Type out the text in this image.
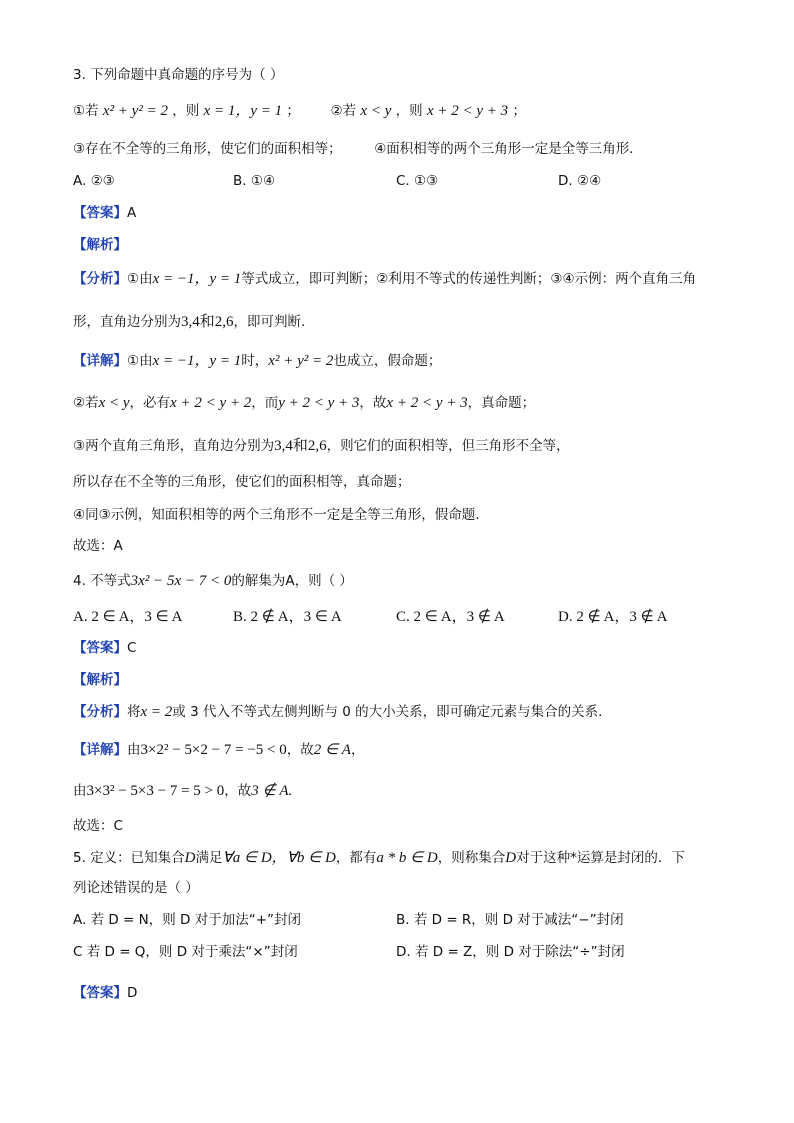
3. 下列命题中真命题的序号为（ ）
①若 x² + y² = 2 ，则 x = 1，y = 1 ； ②若 x < y ，则 x + 2 < y + 3 ；
③存在不全等的三角形，使它们的面积相等； ④面积相等的两个三角形一定是全等三角形．
A. ②③	B. ①④	C. ①③	D. ②④
【答案】A
【解析】
【分析】①由x = −1，y = 1等式成立，即可判断；②利用不等式的传递性判断；③④示例：两个直角三角
形，直角边分别为3,4和2,6，即可判断.
【详解】①由x = −1，y = 1时，x² + y² = 2也成立，假命题；
②若x < y，必有x + 2 < y + 2，而y + 2 < y + 3，故x + 2 < y + 3，真命题；
③两个直角三角形，直角边分别为3,4和2,6，则它们的面积相等，但三角形不全等，
所以存在不全等的三角形，使它们的面积相等，真命题；
④同③示例，知面积相等的两个三角形不一定是全等三角形，假命题.
故选：A
4. 不等式3x² − 5x − 7 < 0的解集为A，则（ ）
A. 2 ∈ A，3 ∈ A	B. 2 ∉ A，3 ∈ A	C. 2 ∈ A，3 ∉ A	D. 2 ∉ A，3 ∉ A
【答案】C
【解析】
【分析】将x = 2或 3 代入不等式左侧判断与 0 的大小关系，即可确定元素与集合的关系.
【详解】由3×2² − 5×2 − 7 = −5 < 0，故2 ∈ A，
由3×3² − 5×3 − 7 = 5 > 0，故3 ∉ A.
故选：C
5. 定义：已知集合D满足∀a ∈ D，∀b ∈ D，都有a * b ∈ D，则称集合D对于这种*运算是封闭的．下
列论述错误的是（ ）
A. 若 D = N，则 D 对于加法“+”封闭	B. 若 D = R，则 D 对于减法“−”封闭
C 若 D = Q，则 D 对于乘法“×”封闭	D. 若 D = Z，则 D 对于除法“÷”封闭
【答案】D
